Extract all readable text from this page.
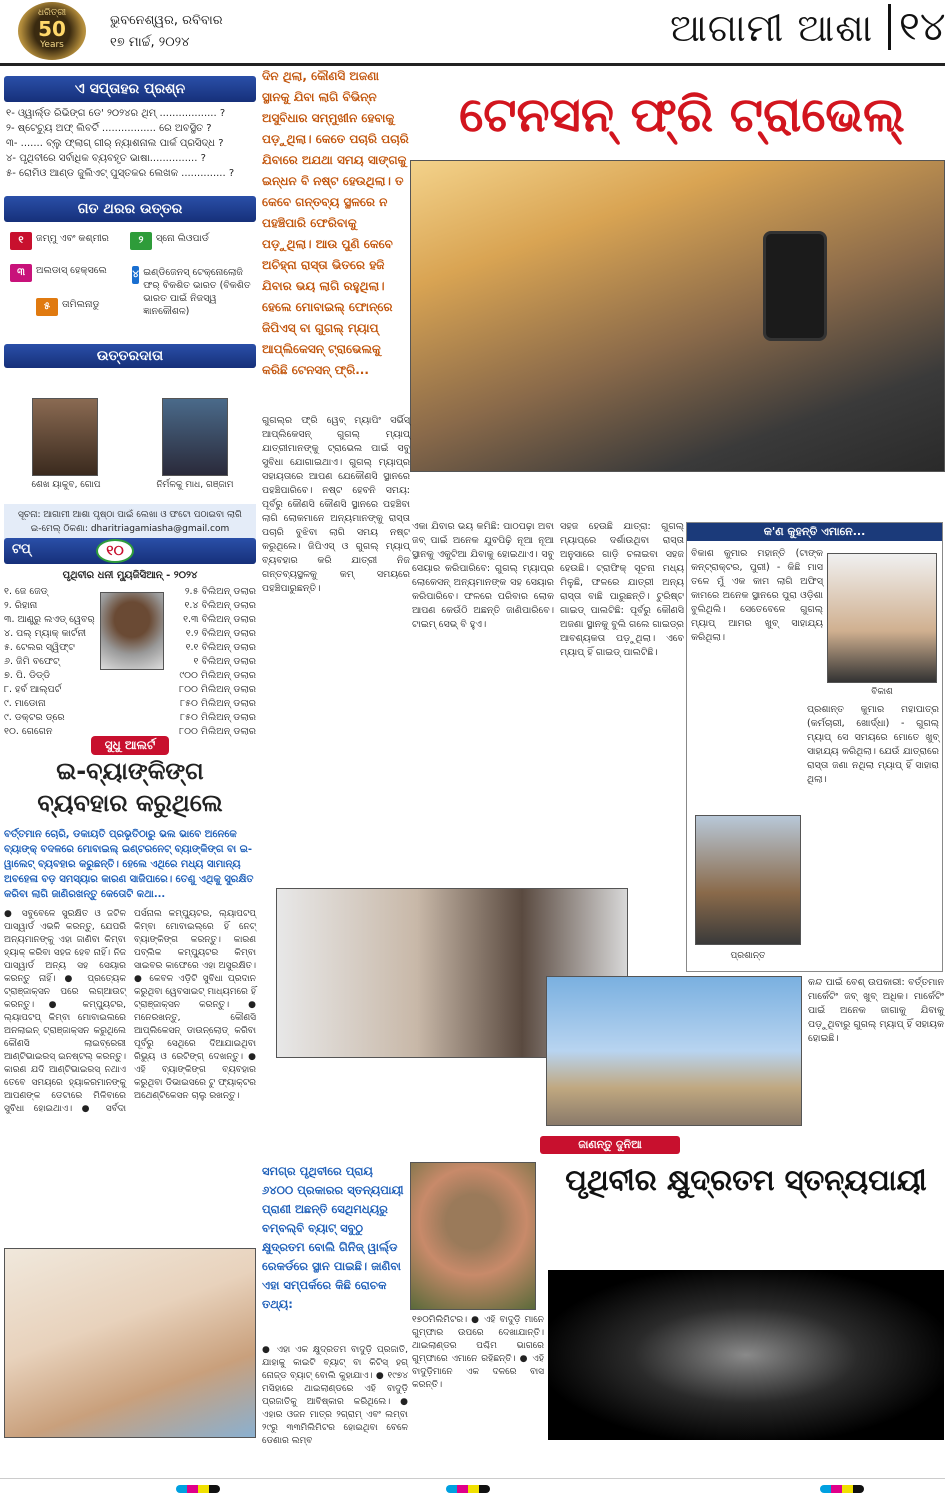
ଧରିତ୍ରୀ
50
Years
ଭୁବନେଶ୍ୱର, ରବିବାର
୧୭ ମାର୍ଚ୍ଚ, ୨୦୨୪	ଆଗାମୀ ଆଶା ୧୪
ଏ ସପ୍ତାହର ପ୍ରଶ୍ନ
୧- ଓ୍ୱାର୍ଲ୍ଡ ରିଭିଙ୍ଗ ଡେ' ୨୦୨୪ର ଥିମ୍ .................. ?
୨- ଷ୍ଟେଚ୍ୟୁ ଅଫ୍ ଲିବର୍ଟି ................. ରେ ଅବସ୍ଥିତ ?
୩- ....... ବ୍ଲୁ ଫ୍ଲାଗ୍ ଗୀର୍ ନ୍ୟାଶନାଲ ପାର୍କ ପ୍ରସିଦ୍ଧ ?
୪- ପୃଥିବୀରେ ସର୍ବାଧିକ ବ୍ୟବହୃତ ଭାଷା............... ?
୫- ରୋମିଓ ଆଣ୍ଡ ଜୁଲିଏଟ୍ ପୁସ୍ତକର ଲେଖକ .............. ?
ଗତ ଥରର ଉତ୍ତର
୧	ଜମ୍ମୁ ଏବଂ କଶ୍ମୀର	୨	ସ୍ନୋ ଲିଓପାର୍ଡ
୩	ଅଲଡାସ୍ ହେକ୍ସଲେ	୪ ଇଣ୍ଡିଜେନସ୍ ଟେକ୍ନୋଲୋଜି ଫର୍ ବିକଶିତ ଭାରତ (ବିକଶିତ ଭାରତ ପାଇଁ ନିଜସ୍ୱ ଜ୍ଞାନକୌଶଳ)
୫	ତାମିଲନାଡୁ
ଉତ୍ତରଦାତା
ଶେଖ ୟାକୁବ, ଗୋପ	ନିର୍ମଳକୁ ମାଧ, ଗଞ୍ଜାମ
ସୂଚନା: ଆଗାମୀ ଆଶା ପୃଷ୍ଠା ପାଇଁ ଲେଖା ଓ ଫଟୋ ପଠାଇବା ଲାଗି
ଇ-ମେଲ୍ ଠିକଣା: dharitriagamiasha@gmail.com
ଟପ୍	୧୦
ପୃଥିବୀର ଧନୀ ମ୍ୟୁଜିସିଆନ୍ - ୨୦୨୪
୧. ଜେ ଜେଡ୍	୨.୫ ବିଲିଅନ୍ ଡଲାର
୨. ରିହାନା	୧.୪ ବିଲିଅନ୍ ଡଲାର
୩. ଆଣ୍ଡ୍ରୁ ଲଏଡ୍ ୱେବର୍	୧.୩ ବିଲିଅନ୍ ଡଲାର
୪. ପଲ୍ ମ୍ୟାକ୍ କାର୍ଟନୀ	୧.୨ ବିଲିଅନ୍ ଡଲାର
୫. ଟେଲର ସ୍ୱିଫ୍ଟ	୧.୧ ବିଲିଅନ୍ ଡଲାର
୬. ଜିମି ବଫେଟ୍	୧ ବିଲିଅନ୍ ଡଲାର
୭. ପି. ଡିଡ୍ଡି	୯୦୦ ମିଲିଅନ୍ ଡଲାର
୮. ହର୍ବ ଆଲ୍ପର୍ଟ	୮୦୦ ମିଲିଅନ୍ ଡଲାର
୯. ମାଡୋନା	୮୫୦ ମିଲିଅନ୍ ଡଲାର
୯. ଡକ୍ଟର ଡ୍ରେ	୮୫୦ ମିଲିଅନ୍ ଡଲାର
୧୦. ଗେଗେନ	୮୦୦ ମିଲିଅନ୍ ଡଲାର
ସୁଧୁ ଆଲର୍ଟ
ଇ-ବ୍ୟାଙ୍କିଙ୍ଗ
ବ୍ୟବହାର କରୁଥିଲେ
ବର୍ତ୍ତମାନ ଚୋରି, ଡକାୟତି ପ୍ରଭୃତିଠାରୁ ଭଲ ଭାବେ ଅନେକେ ବ୍ୟାଙ୍କ୍ ବଦଳରେ ମୋବାଇଲ୍ ଇଣ୍ଟରନେଟ୍ ବ୍ୟାଙ୍କିଙ୍ଗ ବା ଇ-ୱାଲେଟ୍ ବ୍ୟବହାର କରୁଛନ୍ତି। ହେଲେ ଏଥିରେ ମଧ୍ୟ ସାମାନ୍ୟ ଅବହେଳା ବଡ଼ ସମସ୍ୟାର କାରଣ ସାଜିପାରେ। ତେଣୁ ଏଥିକୁ ସୁରକ୍ଷିତ କରିବା ଲାଗି ଜାଣିରଖନ୍ତୁ କେତୋଟି କଥା...
● ସବୁବେଳେ ସୁରକ୍ଷିତ ଓ ଜଟିଳ ପାସ୍‌ୱାର୍ଡ ଏଭଳି କରନ୍ତୁ, ଯେପରି ଅନ୍ୟମାନଙ୍କୁ ଏହା ଜାଣିବା କିମ୍ବା ହ୍ୟାକ୍ କରିବା ସହଜ ହେବ ନାହିଁ। ନିଜ ପାସ୍‌ୱାର୍ଡ ଅନ୍ୟ ସହ ସେୟାର କରନ୍ତୁ ନାହିଁ। ● ପ୍ରତ୍ୟେକ ଟ୍ରାଞ୍ଜାକ୍ସନ ପରେ ଲଗ୍‌ଆଉଟ୍ କରନ୍ତୁ। ● କମ୍ପ୍ୟୁଟର, ଲ୍ୟାପଟପ୍ କିମ୍ବା ମୋବାଇଲରେ ଅନଲାଇନ୍ ଟ୍ରାଞ୍ଜାକ୍ସନ କରୁଥିଲେ କୌଣସି ଲାଇବ୍ରେରୀ ଆଣ୍ଟିଭାଇରସ୍ ଇନଷ୍ଟଲ୍ କରନ୍ତୁ। କାରଣ ଯଦି ଆଣ୍ଟିଭାଇରସ୍ ନଥାଏ ତେବେ ସମୟରେ ହ୍ୟାକରମାନଙ୍କୁ ଆପଣଙ୍କ ଡେଟାରେ ମିଳିବାରେ ସୁବିଧା ହୋଇଥାଏ। ● ସର୍ବଦା ପର୍ସନାଲ କମ୍ପ୍ୟୁଟର, ଲ୍ୟାପଟପ୍ କିମ୍ବା ମୋବାଇଲ୍‌ରେ ହିଁ ନେଟ୍ ବ୍ୟାଙ୍କିଙ୍ଗ କରନ୍ତୁ। କାରଣ ପବ୍ଲିକ କମ୍ପ୍ୟୁଟର କିମ୍ବା ସାଇବର କାଫେରେ ଏହା ଅସୁରକ୍ଷିତ। ● କେବଳ ଏଡ଼ିଟି ସୁବିଧା ପ୍ରଦାନ କରୁଥିବା ୱେବସାଇଟ୍ ମାଧ୍ୟମରେ ହିଁ ଟ୍ରାଞ୍ଜାକ୍ସନ କରନ୍ତୁ। ● ମନେରଖନ୍ତୁ, କୌଣସି ଆପ୍ଲିକେସନ୍ ଡାଉନ୍‌ଲୋଡ୍ କରିବା ପୂର୍ବରୁ ସେଥିରେ ଦିଆଯାଇଥିବା ରିଭ୍ୟୁ ଓ ରେଟିଙ୍ଗ୍ ଦେଖନ୍ତୁ। ● ଏହି ବ୍ୟାଙ୍କିଙ୍ଗ ବ୍ୟବହାର କରୁଥିବା ଡିଭାଇସରେ ଟୁ ଫ୍ୟାକ୍ଟର ଅଥେଣ୍ଟିକେସନ ଚାଲୁ ରଖନ୍ତୁ।
ଦିନ ଥିଲା, କୌଣସି ଅଜଣା ସ୍ଥାନକୁ ଯିବା ଲାଗି ବିଭିନ୍ନ ଅସୁବିଧାର ସମ୍ମୁଖୀନ ହେବାକୁ ପଡ଼ୁଥିଲା। କେତେ ପଚାରି ପଚାରି ଯିବାରେ ଅଯଥା ସମୟ ସାଙ୍ଗକୁ ଇନ୍ଧନ ବି ନଷ୍ଟ ହେଉଥିଲା। ତ କେବେ ଗନ୍ତବ୍ୟ ସ୍ଥଳରେ ନ ପହଞ୍ଚ‌ିପାରି ଫେରିବାକୁ ପଡ଼ୁଥିଲା। ଆଉ ପୁଣି କେବେ ଅଚିହ୍ନା ରାସ୍ତା ଭିତରେ ହଜି ଯିବାର ଭୟ ଲାଗି ରହୁଥିଲା। ହେଲେ ମୋବାଇଲ୍ ଫୋନ୍‌ରେ ଜିପିଏସ୍ ବା ଗୁଗଲ୍ ମ୍ୟାପ୍ ଆପ୍ଲିକେସନ୍ ଟ୍ରାଭେଲକୁ କରିଛି ଟେନସନ୍ ଫ୍ରି...
ଟେନସନ୍ ଫ୍ରି ଟ୍ରାଭେଲ୍
ଗୁଗଲ୍ର ଫ୍ରି ୱେବ୍ ମ୍ୟାପିଂ ସର୍ଭିସ୍ ଆପ୍ଲିକେସନ୍ ଗୁଗଲ୍ ମ୍ୟାପ୍ ଯାତ୍ରୀମାନଙ୍କୁ ଟ୍ରାଭେଲ ପାଇଁ ସବୁ ସୁବିଧା ଯୋଗାଇଥାଏ। ଗୁଗଲ୍ ମ୍ୟାପ୍ର ସହାୟତାରେ ଆପଣ ଯେକୌଣସି ସ୍ଥାନରେ ପହଞ୍ଚ‌ିପାରିବେ। ନଷ୍ଟ ହେବନି ସମୟ: ପୂର୍ବରୁ କୌଣସି କୌଣସି ସ୍ଥାନରେ ପହଞ୍ଚ‌ିବା ଲାଗି ଲୋକମାନେ ଅନ୍ୟମାନଙ୍କୁ ରାସ୍ତା ପଚାରି ବୁଝିବା ଲାଗି ସମୟ ନଷ୍ଟ କରୁଥିଲେ। ଜିପିଏସ୍ ଓ ଗୁଗଲ୍ ମ୍ୟାପ୍ ବ୍ୟବହାର କରି ଯାତ୍ରୀ ନିଜ ଗନ୍ତବ୍ୟସ୍ଥଳକୁ କମ୍ ସମୟରେ ପହଞ୍ଚ‌ିପାରୁଛନ୍ତି।
ଏକା ଯିବାର ଭୟ କମିଛି: ପାଠପଢ଼ା ଅବା ଜବ୍ ପାଇଁ ଅନେକ ଯୁବପିଢ଼ି ନୂଆ ନୂଆ ସ୍ଥାନକୁ ଏକୁଟିଆ ଯିବାକୁ ହୋଇଥାଏ। ସବୁ ସେୟାର କରିପାରିବେ: ଗୁଗଲ୍ ମ୍ୟାପ୍ର ଲୋକେସନ୍ ଅନ୍ୟମାନଙ୍କ ସହ ସେୟାର କରିପାରିବେ। ଫଳରେ ପରିବାର ଲୋକ ଆପଣ କେଉଁଠି ଅଛନ୍ତି ଜାଣିପାରିବେ। ଟାଇମ୍ ସେଭ୍ ବି ହୁଏ।
ସହଜ ହେଉଛି ଯାତ୍ରା: ଗୁଗଲ୍ ମ୍ୟାପ୍ରେ ଦର୍ଶାଉଥିବା ରାସ୍ତା ଅନୁସାରେ ଗାଡ଼ି ଚଳାଇବା ସହଜ ହେଉଛି। ଟ୍ରାଫିକ୍ ସୂଚନା ମଧ୍ୟ ମିଳୁଛି, ଫଳରେ ଯାତ୍ରୀ ଅନ୍ୟ ରାସ୍ତା ବାଛି ପାରୁଛନ୍ତି। ଟୁରିଷ୍ଟ ଗାଇଡ୍ ପାଲଟିଛି: ପୂର୍ବରୁ କୌଣସି ଅଜଣା ସ୍ଥାନକୁ ବୁଲି ଗଲେ ଗାଇଡ୍ର ଆବଶ୍ୟକତା ପଡ଼ୁଥିଲା। ଏବେ ମ୍ୟାପ୍ ହିଁ ଗାଇଡ୍ ପାଲଟିଛି।
କ'ଣ କୁହନ୍ତି ଏମାନେ...
ବିକାଶ କୁମାର ମହାନ୍ତି (ଟାଙ୍କ କନ୍‌ଟ୍ରାକ୍ଟର, ପୁରୀ) - କିଛି ମାସ ତଳେ ମୁଁ ଏକ କାମ ଲାଗି ଅଫିସ୍ କାମରେ ଅନେକ ସ୍ଥାନରେ ପୁରା ଓଡ଼ିଶା ବୁଲିଥିଲି। ସେତେବେଳେ ଗୁଗଲ୍ ମ୍ୟାପ୍ ଆମର ଖୁବ୍ ସାହାଯ୍ୟ କରିଥିଲା।
ବିକାଶ
ପ୍ରଶାନ୍ତ
ପ୍ରଶାନ୍ତ କୁମାର ମହାପାତ୍ର (କର୍ମଚାରୀ, ଖୋର୍ଦ୍ଧା) - ଗୁଗଲ୍ ମ୍ୟାପ୍ ସେ ସମୟରେ ମୋତେ ଖୁବ୍ ସାହାଯ୍ୟ କରିଥିଲା। ଯେଉଁ ଯାତ୍ରାରେ ରାସ୍ତା ଜଣା ନଥିଲା ମ୍ୟାପ୍ ହିଁ ସାହାରା ଥିଲା।
କନ୍ଦ ପାଇଁ ବେଶ୍ ଉପକାରୀ: ବର୍ତ୍ତମାନ ମାର୍କେଟିଂ ଜବ୍ ଖୁବ୍ ଅଧିକ। ମାର୍କେଟିଂ ପାଇଁ ଅନେକ ଜାଗାକୁ ଯିବାକୁ ପଡ଼ୁଥିବାରୁ ଗୁଗଲ୍ ମ୍ୟାପ୍ ହିଁ ସହାୟକ ହୋଇଛି।
ଜାଣନ୍ତୁ ଦୁନିଆ
ସମଗ୍ର ପୃଥିବୀରେ ପ୍ରାୟ ୬୪୦୦ ପ୍ରକାରର ସ୍ତନ୍ୟପାୟୀ ପ୍ରାଣୀ ଅଛନ୍ତି ସେଥିମଧ୍ୟରୁ ବମ୍ବଲ୍‌ବି ବ୍ୟାଟ୍ ସବୁଠୁ କ୍ଷୁଦ୍ରତମ ବୋଲି ଗିନିଜ୍ ୱାର୍ଲ୍ଡ ରେକର୍ଡରେ ସ୍ଥାନ ପାଇଛି। ଜାଣିବା ଏହା ସମ୍ପର୍କରେ କିଛି ରୋଚକ ତଥ୍ୟ:
ପୃଥିବୀର କ୍ଷୁଦ୍ରତମ ସ୍ତନ୍ୟପାୟୀ
● ଏହା ଏକ କ୍ଷୁଦ୍ରତମ ବାଦୁଡ଼ି ପ୍ରଜାତି, ଯାହାକୁ କାଇଟି ବ୍ୟାଟ୍ ବା କିଟିସ୍ ହଗ୍ ନୋଜ୍ଡ ବ୍ୟାଟ୍ ବୋଲି କୁହାଯାଏ। ● ୧୯୭୪ ମସିହାରେ ଥାଇଲାଣ୍ଡରେ ଏହି ବାଦୁଡ଼ି ପ୍ରଜାତିକୁ ଆବିଷ୍କାର କରିଥିଲେ। ● ଏହାର ଓଜନ ମାତ୍ର ୨ଗ୍ରାମ୍ ଏବଂ ଲମ୍ବା ୨୯ରୁ ୩୩ମିଲିମିଟର ହୋଇଥିବା ବେଳେ ଡେଣାର ଲମ୍ବ
୧୭୦ମିଲିମିଟର। ● ଏହି ବାଦୁଡ଼ି ମାନେ ଗୁମ୍ଫାର ଉପରେ ଦେଖାଯାନ୍ତି। ଥାଇଲାଣ୍ଡର ପଶ୍ଚିମ ଭାଗରେ ଗୁମ୍ଫାରେ ଏମାନେ ରହିଛନ୍ତି। ● ଏହି ବାଦୁଡ଼ିମାନେ ଏକ ଦଳରେ ବାସ କରନ୍ତି।
